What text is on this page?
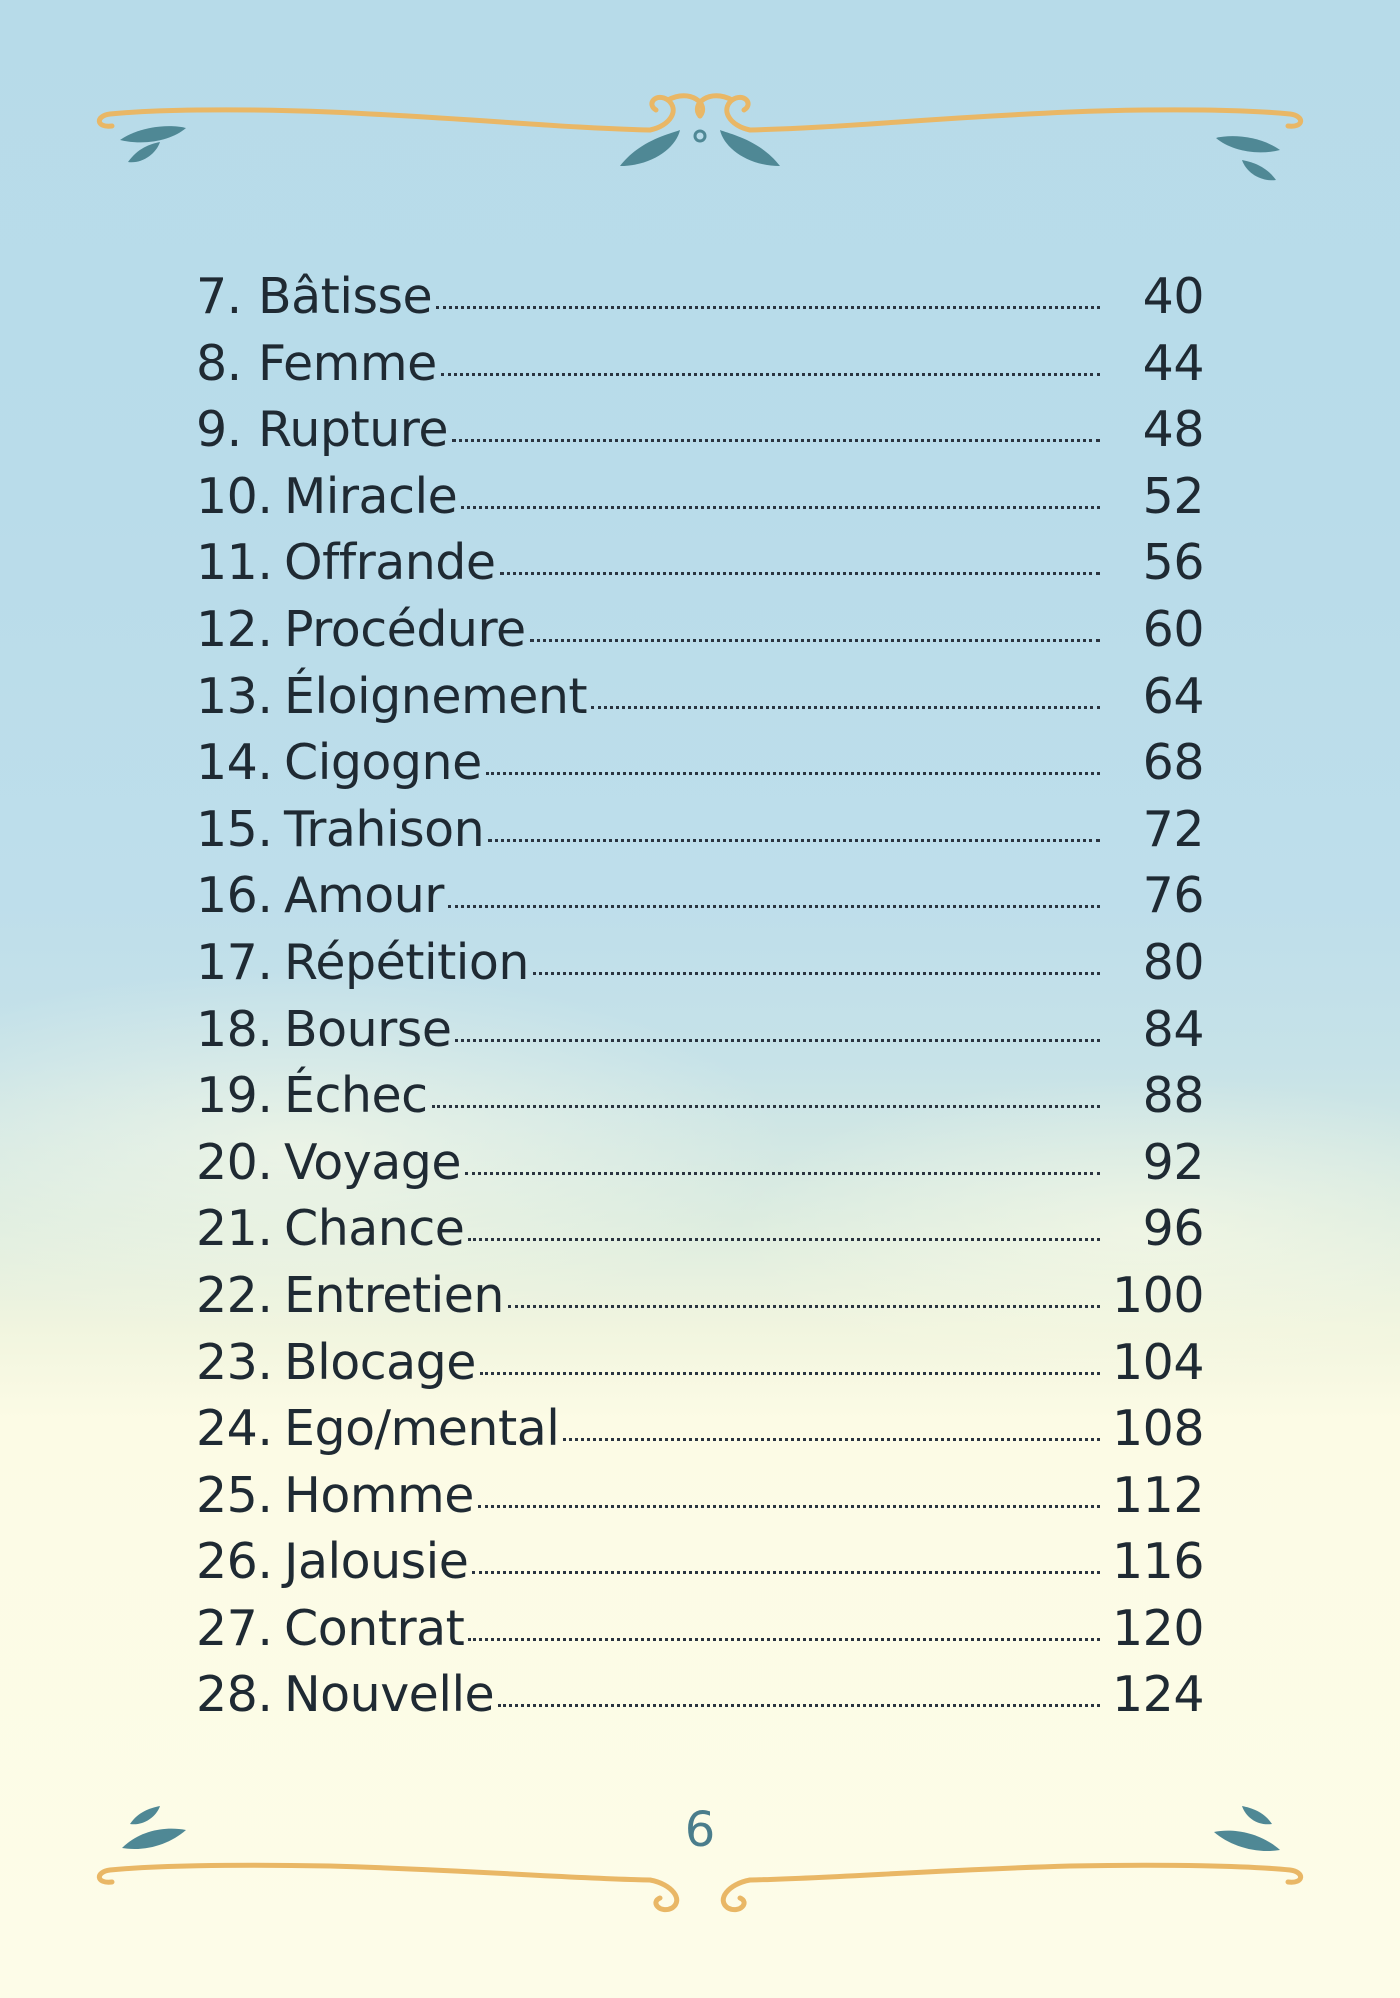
7. Bâtisse	40
8. Femme	44
9. Rupture	48
10. Miracle	52
11. Offrande	56
12. Procédure	60
13. Éloignement	64
14. Cigogne	68
15. Trahison	72
16. Amour	76
17. Répétition	80
18. Bourse	84
19. Échec	88
20. Voyage	92
21. Chance	96
22. Entretien	100
23. Blocage	104
24. Ego/mental	108
25. Homme	112
26. Jalousie	116
27. Contrat	120
28. Nouvelle	124
6
